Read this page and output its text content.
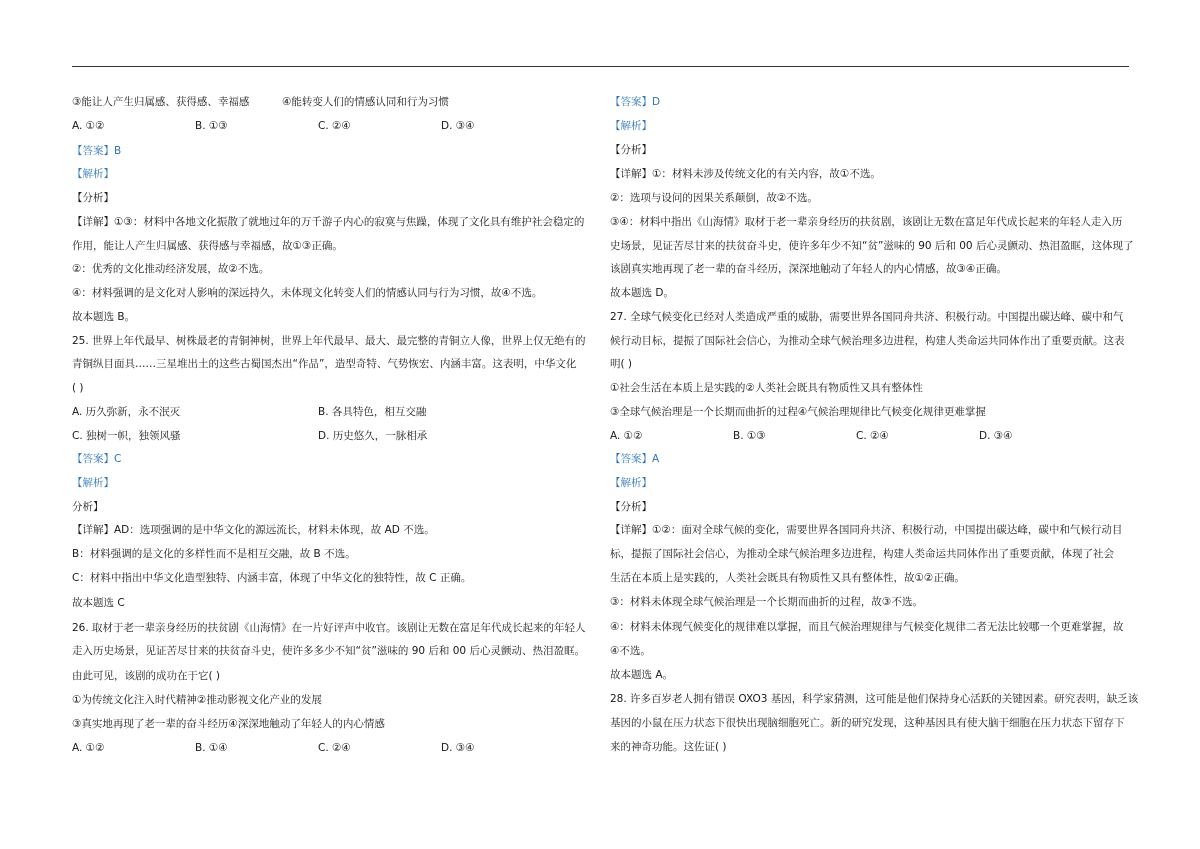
③能让人产生归属感、获得感、幸福感	④能转变人们的情感认同和行为习惯
A. ①②	B. ①③	C. ②④	D. ③④
【答案】B
【解析】
【分析】
【详解】①③：材料中各地文化振散了就地过年的万千游子内心的寂寞与焦躁，体现了文化具有维护社会稳定的
作用，能让人产生归属感、获得感与幸福感，故①③正确。
②：优秀的文化推动经济发展，故②不选。
④：材料强调的是文化对人影响的深远持久，未体现文化转变人们的情感认同与行为习惯，故④不选。
故本题选 B。
25. 世界上年代最早、树株最老的青铜神树，世界上年代最早、最大、最完整的青铜立人像，世界上仅无绝有的
青铜纵目面具……三星堆出土的这些古蜀国杰出“作品”，造型奇特、气势恢宏、内涵丰富。这表明，中华文化
( )
A. 历久弥新，永不泯灭	B. 各具特色，相互交融
C. 独树一帜，独领风骚	D. 历史悠久，一脉相承
【答案】C
【解析】
分析】
【详解】AD：选项强调的是中华文化的源远流长，材料未体现，故 AD 不选。
B：材料强调的是文化的多样性而不是相互交融，故 B 不选。
C：材料中指出中华文化造型独特、内涵丰富，体现了中华文化的独特性，故 C 正确。
故本题选 C
26. 取材于老一辈亲身经历的扶贫剧《山海情》在一片好评声中收官。该剧让无数在富足年代成长起来的年轻人
走入历史场景，见证苦尽甘来的扶贫奋斗史，使许多多少不知“贫”滋味的 90 后和 00 后心灵颤动、热泪盈眶。
由此可见，该剧的成功在于它( )
①为传统文化注入时代精神②推动影视文化产业的发展
③真实地再现了老一辈的奋斗经历④深深地触动了年轻人的内心情感
A. ①②	B. ①④	C. ②④	D. ③④
【答案】D
【解析】
【分析】
【详解】①：材料未涉及传统文化的有关内容，故①不选。
②：选项与设问的因果关系颠倒，故②不选。
③④：材料中指出《山海情》取材于老一辈亲身经历的扶贫剧，该剧让无数在富足年代成长起来的年轻人走入历
史场景，见证苦尽甘来的扶贫奋斗史，使许多年少不知“贫”滋味的 90 后和 00 后心灵颤动、热泪盈眶，这体现了
该剧真实地再现了老一辈的奋斗经历，深深地触动了年轻人的内心情感，故③④正确。
故本题选 D。
27. 全球气候变化已经对人类造成严重的威胁，需要世界各国同舟共济、积极行动。中国提出碳达峰、碳中和气
候行动目标，提振了国际社会信心，为推动全球气候治理多边进程，构建人类命运共同体作出了重要贡献。这表
明( )
①社会生活在本质上是实践的②人类社会既具有物质性又具有整体性
③全球气候治理是一个长期而曲折的过程④气候治理规律比气候变化规律更难掌握
A. ①②	B. ①③	C. ②④	D. ③④
【答案】A
【解析】
【分析】
【详解】①②：面对全球气候的变化，需要世界各国同舟共济、积极行动，中国提出碳达峰，碳中和气候行动目
标，提振了国际社会信心，为推动全球气候治理多边进程，构建人类命运共同体作出了重要贡献，体现了社会
生活在本质上是实践的，人类社会既具有物质性又具有整体性，故①②正确。
③：材料未体现全球气候治理是一个长期而曲折的过程，故③不选。
④：材料未体现气候变化的规律难以掌握，而且气候治理规律与气候变化规律二者无法比较哪一个更难掌握，故
④不选。
故本题选 A。
28. 许多百岁老人拥有错误 OXO3 基因，科学家猜测，这可能是他们保持身心活跃的关键因素。研究表明，缺乏该
基因的小鼠在压力状态下很快出现脑细胞死亡。新的研究发现，这种基因具有使大脑干细胞在压力状态下留存下
来的神奇功能。这佐证( )
